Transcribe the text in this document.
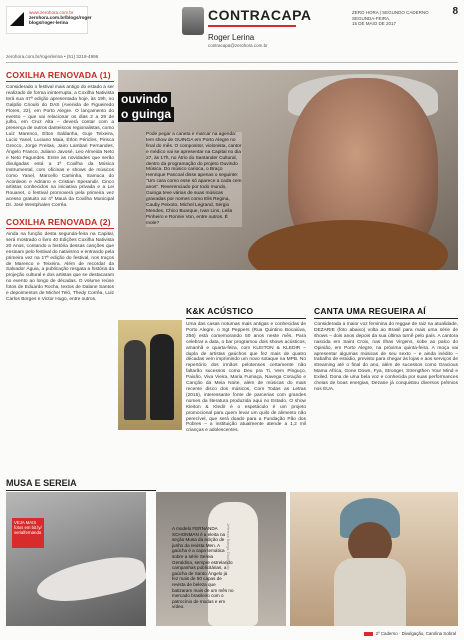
www.zerohora.com.br
zerohora.com.br/blogs/roger
blogs/roger-lerina	CONTRACAPA
Roger Lerina
contracapa@zerohora.com.br
ZERO HORA | SEGUNDO CADERNO
SEGUNDA-FEIRA,
15 DE MAIO DE 2017
8
zerohora.com.br/rogerlerina • (51) 3218-4996
COXILHA RENOVADA (1)
Considerado o festival mais antigo do estado a ser realizado de forma ininterrupta, a Coxilha Nativista terá sua 47ª edição apresentada hoje, às 19h, no Galpão Crioulo do DAS (Avenida de Figueiredo Flores, 22), em Porto Alegre. O lançamento do evento – que vai relacionar os dias 2 a 29 de julho, em Cruz Alta – deverá contar com a presença de outros danteiscos regionalistas, como Luiz Marenco, Elton Saldanha, Gujo Teixeira, Lucio Yanel, Luciano Maia, Érlon Péricles, Pirisca Grecco, Jorge Freitas, Jairo Lambari Fernandes, Ângelo Franco, Juliano Javosé, Leo Almeida Neto e Neto Fagundes. Entre as novidades que serão divulgadas está a 1ª Coxilha da Música Instrumental, com oficinas e shows de músicos como Yanel, Marcello Caminha, Samuca do Acordeon e Adriano e Cristian Sperandir. Cinco artistas conhecidos na iniciativa privada e a Lei Rouanet, o festival promoverá pela primeira vez acesso gratuito ao 4º Mauá da Coxilha Municipal Dr. José Westphalen Corrêa.
COXILHA RENOVADA (2)
Ainda na função desta segunda-feira na Capital, será mostrado o livro 40 Edições Coxilha Nativista 20 Anos, contando a história dessas canções que ensinam pelo festival do nativismo e entrando pela primeira vez na 17ª edição do festival, nos traços de Marenco e Teixeira. Além de recordar da Salvador Águia, a publicação resgata a história da projeção cultural e dos artistas que se destacaram no evento ao longo de décadas. O volume reúne fotos de Eduardo Rocha, textos de Dalane Santos e depoimentos de Michel Teló, Thedy Corrêa, Luiz Carlos Borges e Victor Hugo, entre outros.
ouvindo
o guinga
Pode pegar a caneta e marcar na agenda: tem show de GUINGA em Porto Alegre no final do mês. O compositor, violonista, cantor e médico vai se apresentar na Capital no dia 27, às 17h, no Átrio do Santander Cultural, dentro da programação do projeto Ouvindo Música. Do músico carioca, o Braço Henrique Pascoal disse apenas o seguinte: "Um cara como esse só aparece a cada cem anos". Reverenciado por todo mundo, Guinga teve várias de suas músicas gravadas por nomes como Elis Regina, Cauby Peixoto, Michel Legrand, Sérgio Mendes, Chico Buarque, Ivan Lins, Leila Pinheiro e Ronnie Von, entre outros. É mole?
K&K ACÚSTICO
Uma das casas noturnas mais antigas e conhecidas de Porto Alegre, o Sgt Peppers (Rua Quintino Bocaiúva, 256) está comemorando 50 anos neste mês. Para celebrar a data, o bar programou dois shows acústicos, amanhã e quarta-feira, com KLEITON & KLEDIR – dupla de artistas gaúchos que fez mais de quatro décadas vem imprimindo um novo sotaque na MPB. No repertório dos irmãos pelotenses certamente não faltarão sucessos como Deu pra Ti, Vem Pinguço, Paixão, Viva Vieira, Maria Fumaça, Navega Coração e Canção da Meia Noite, além de músicas do mais recente disco dos músicos, Com Todas as Letras (2015), interessante fonte de parcerias com grandes nomes da literatura produzida aqui no Estado. O show Kleiton & Kledir é o espetáculo é um projeto promocional para quem levar um quilo de alimento não perecível, que será doado para a Fundação Pão dos Pobres – a instituição atualmente atende a 1,2 mil crianças e adolescentes.
CANTA UMA REGUEIRA AÍ
Considerada a maior voz feminina do reggae de raiz na atualidade, DEZARIE (foto abaixo) volta ao Brasil para mais uma série de shows – dois anos depois da sua última turnê pelo país. A cantora nascida em Saint Croix, nas Ilhas Virgens, sobe ao palco do Opinião, em Porto Alegre, na próxima quinta-feira. A moça vai apresentar algumas músicas de seu sexto – e ainda inédito – trabalho de estúdio, previsto para chegar às lojas e aos serviços de streaming até o final do ano, além de sucessos como Gracious Mama Africa, Gone Down, Fya, Stronger, Strengthen Your Mind e Exiled. Dona de uma bela voz e conhecida por suas performances cheias de boas energias, Dezarie já conquistou diversos prêmios nos EUA.
MUSA E SEREIA
VEJA MAIS fotos em bit.ly/ serialfernanda
A modelo FERNANDA SCHONMAN é a eleita na seção Musa da edição de junho da revista Men. A gaúcha é a capa temática sobre a série Sereia Geraldina, sempre estrelando campanhas publicitárias, a gaúcha de Santo Ângelo já fez mais de 50 capas de revista de beleza que batizaram mais de um mês no mercado brasileiro com o patrocínio de modas e em vídeo.
Jefferson Botega, Divulgação
2º Caderno · Divulgação, Carolina Sobral
